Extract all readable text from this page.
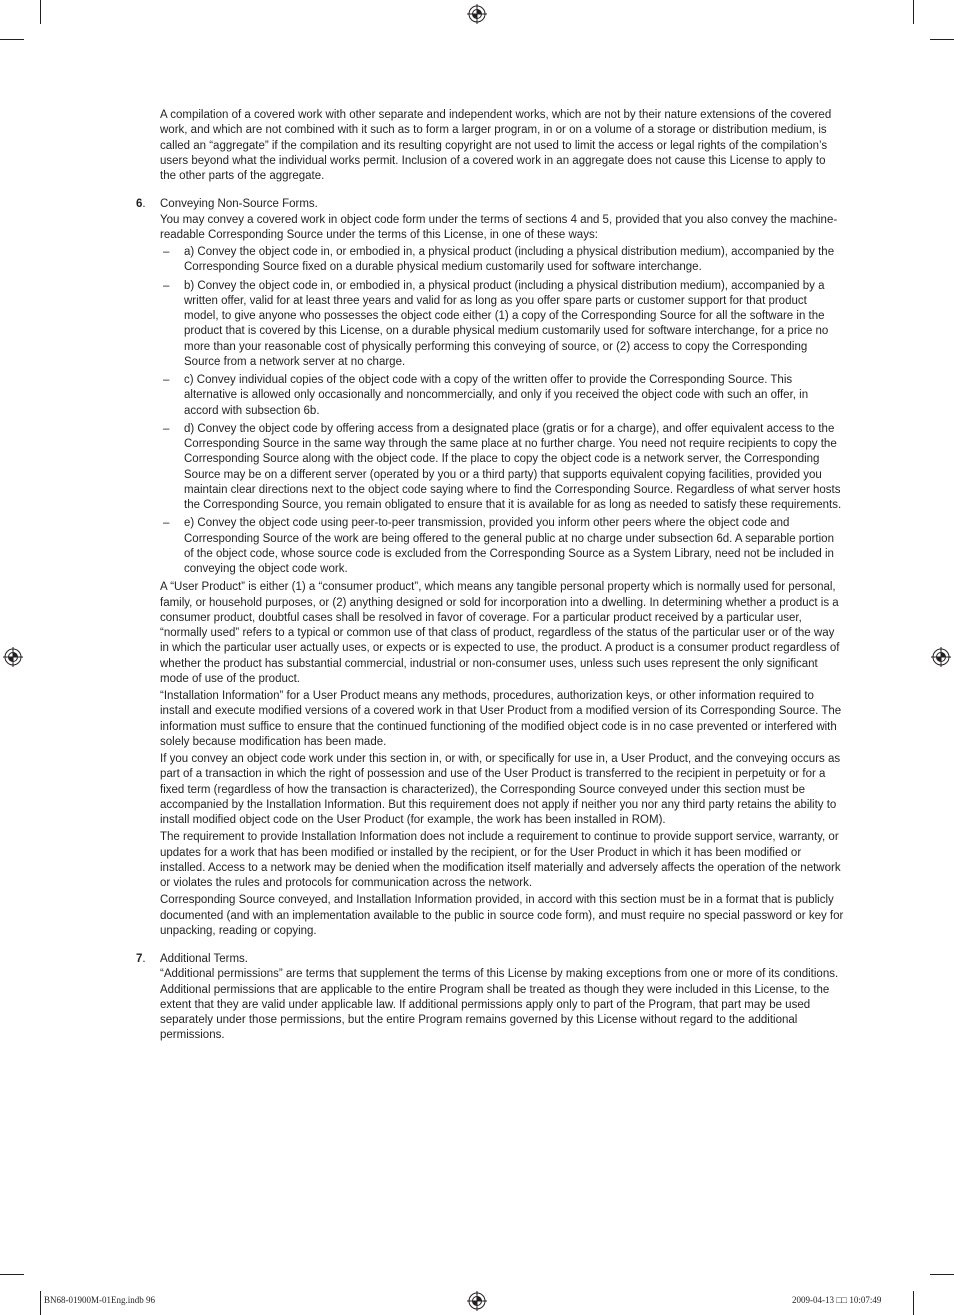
A compilation of a covered work with other separate and independent works, which are not by their nature extensions of the covered work, and which are not combined with it such as to form a larger program, in or on a volume of a storage or distribution medium, is called an “aggregate” if the compilation and its resulting copyright are not used to limit the access or legal rights of the compilation’s users beyond what the individual works permit. Inclusion of a covered work in an aggregate does not cause this License to apply to the other parts of the aggregate.

6. Conveying Non-Source Forms.

You may convey a covered work in object code form under the terms of sections 4 and 5, provided that you also convey the machine-readable Corresponding Source under the terms of this License, in one of these ways:

– a) Convey the object code in, or embodied in, a physical product (including a physical distribution medium), accompanied by the Corresponding Source fixed on a durable physical medium customarily used for software interchange.
– b) Convey the object code in, or embodied in, a physical product (including a physical distribution medium), accompanied by a written offer, valid for at least three years and valid for as long as you offer spare parts or customer support for that product model, to give anyone who possesses the object code either (1) a copy of the Corresponding Source for all the software in the product that is covered by this License, on a durable physical medium customarily used for software interchange, for a price no more than your reasonable cost of physically performing this conveying of source, or (2) access to copy the Corresponding Source from a network server at no charge.
– c) Convey individual copies of the object code with a copy of the written offer to provide the Corresponding Source. This alternative is allowed only occasionally and noncommercially, and only if you received the object code with such an offer, in accord with subsection 6b.
– d) Convey the object code by offering access from a designated place (gratis or for a charge), and offer equivalent access to the Corresponding Source in the same way through the same place at no further charge. You need not require recipients to copy the Corresponding Source along with the object code. If the place to copy the object code is a network server, the Corresponding Source may be on a different server (operated by you or a third party) that supports equivalent copying facilities, provided you maintain clear directions next to the object code saying where to find the Corresponding Source. Regardless of what server hosts the Corresponding Source, you remain obligated to ensure that it is available for as long as needed to satisfy these requirements.
– e) Convey the object code using peer-to-peer transmission, provided you inform other peers where the object code and Corresponding Source of the work are being offered to the general public at no charge under subsection 6d. A separable portion of the object code, whose source code is excluded from the Corresponding Source as a System Library, need not be included in conveying the object code work.

A “User Product” is either (1) a “consumer product”, which means any tangible personal property which is normally used for personal, family, or household purposes, or (2) anything designed or sold for incorporation into a dwelling. In determining whether a product is a consumer product, doubtful cases shall be resolved in favor of coverage. For a particular product received by a particular user, “normally used” refers to a typical or common use of that class of product, regardless of the status of the particular user or of the way in which the particular user actually uses, or expects or is expected to use, the product. A product is a consumer product regardless of whether the product has substantial commercial, industrial or non-consumer uses, unless such uses represent the only significant mode of use of the product.

“Installation Information” for a User Product means any methods, procedures, authorization keys, or other information required to install and execute modified versions of a covered work in that User Product from a modified version of its Corresponding Source. The information must suffice to ensure that the continued functioning of the modified object code is in no case prevented or interfered with solely because modification has been made.

If you convey an object code work under this section in, or with, or specifically for use in, a User Product, and the conveying occurs as part of a transaction in which the right of possession and use of the User Product is transferred to the recipient in perpetuity or for a fixed term (regardless of how the transaction is characterized), the Corresponding Source conveyed under this section must be accompanied by the Installation Information. But this requirement does not apply if neither you nor any third party retains the ability to install modified object code on the User Product (for example, the work has been installed in ROM).

The requirement to provide Installation Information does not include a requirement to continue to provide support service, warranty, or updates for a work that has been modified or installed by the recipient, or for the User Product in which it has been modified or installed. Access to a network may be denied when the modification itself materially and adversely affects the operation of the network or violates the rules and protocols for communication across the network.

Corresponding Source conveyed, and Installation Information provided, in accord with this section must be in a format that is publicly documented (and with an implementation available to the public in source code form), and must require no special password or key for unpacking, reading or copying.

7. Additional Terms.

“Additional permissions” are terms that supplement the terms of this License by making exceptions from one or more of its conditions. Additional permissions that are applicable to the entire Program shall be treated as though they were included in this License, to the extent that they are valid under applicable law. If additional permissions apply only to part of the Program, that part may be used separately under those permissions, but the entire Program remains governed by this License without regard to the additional permissions.

BN68-01900M-01Eng.indb 96	2009-04-13 □□ 10:07:49
